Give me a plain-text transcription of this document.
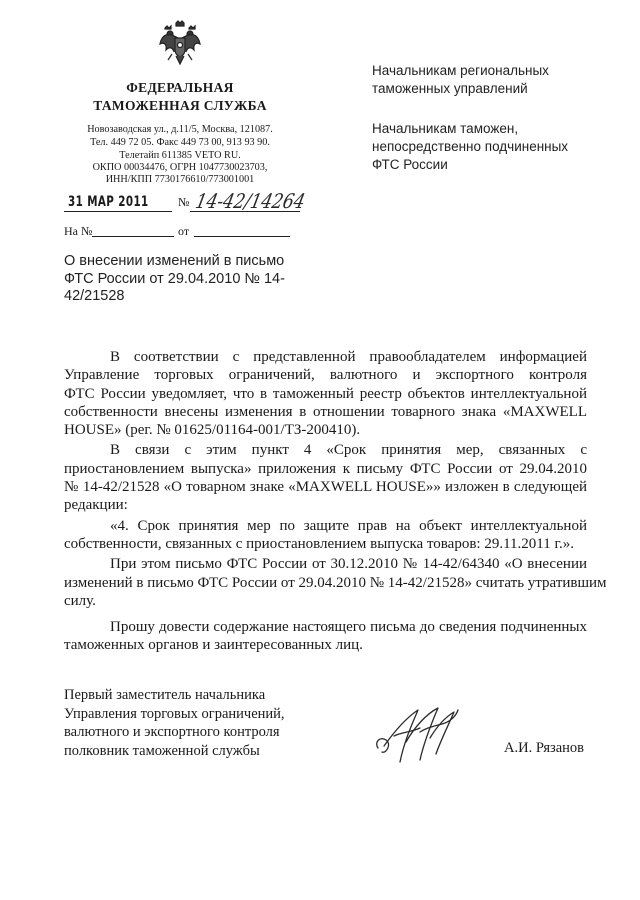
ФЕДЕРАЛЬНАЯ
ТАМОЖЕННАЯ СЛУЖБА
Новозаводская ул., д.11/5, Москва, 121087.
Тел. 449 72 05. Факс 449 73 00, 913 93 90.
Телетайп 611385 VETO RU.
ОКПО 00034476, ОГРН 1047730023703,
ИНН/КПП 7730176610/773001001
31 МАР 2011 № 14-42/14264
На №	от
О внесении изменений в письмо
ФТС России от 29.04.2010 № 14-
42/21528
Начальникам региональных
таможенных управлений
Начальникам таможен,
непосредственно подчиненных
ФТС России
В соответствии с представленной правообладателем информацией
Управление торговых ограничений, валютного и экспортного контроля
ФТС России уведомляет, что в таможенный реестр объектов интеллектуальной
собственности внесены изменения в отношении товарного знака «MAXWELL
HOUSE» (рег. № 01625/01164-001/ТЗ-200410).
В связи с этим пункт 4 «Срок принятия мер, связанных с
приостановлением выпуска» приложения к письму ФТС России от 29.04.2010
№ 14-42/21528 «О товарном знаке «MAXWELL HOUSE»» изложен в следующей
редакции:
«4. Срок принятия мер по защите прав на объект интеллектуальной
собственности, связанных с приостановлением выпуска товаров: 29.11.2011 г.».
При этом письмо ФТС России от 30.12.2010 № 14-42/64340 «О внесении
изменений в письмо ФТС России от 29.04.2010 № 14-42/21528» считать утратившим
силу.
Прошу довести содержание настоящего письма до сведения подчиненных
таможенных органов и заинтересованных лиц.
Первый заместитель начальника
Управления торговых ограничений,
валютного и экспортного контроля
полковник таможенной службы	А.И. Рязанов
